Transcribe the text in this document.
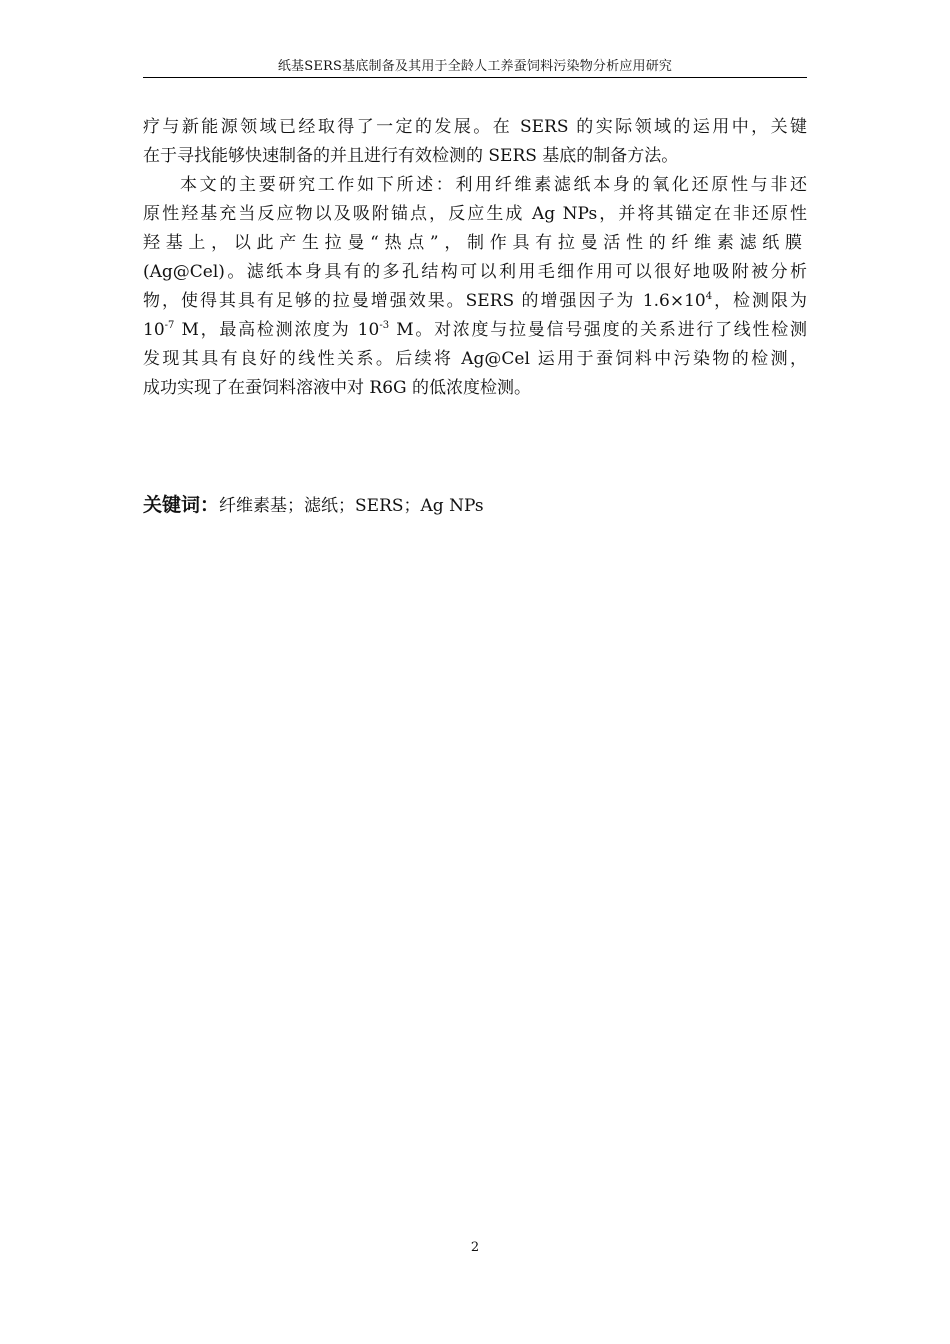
纸基SERS基底制备及其用于全龄人工养蚕饲料污染物分析应用研究
疗与新能源领域已经取得了一定的发展。在 SERS 的实际领域的运用中，关键
在于寻找能够快速制备的并且进行有效检测的 SERS 基底的制备方法。
本文的主要研究工作如下所述：利用纤维素滤纸本身的氧化还原性与非还
原性羟基充当反应物以及吸附锚点，反应生成 Ag NPs，并将其锚定在非还原性
羟基上，以此产生拉曼“热点”，制作具有拉曼活性的纤维素滤纸膜
(Ag@Cel)。滤纸本身具有的多孔结构可以利用毛细作用可以很好地吸附被分析
物，使得其具有足够的拉曼增强效果。SERS 的增强因子为 $1.6\times 10^4$，检测限为
$10^{-7}$ M，最高检测浓度为 $10^{-3}$ M。对浓度与拉曼信号强度的关系进行了线性检测
发现其具有良好的线性关系。后续将 Ag@Cel 运用于蚕饲料中污染物的检测，
成功实现了在蚕饲料溶液中对 R6G 的低浓度检测。
关键词：纤维素基；滤纸；SERS；Ag NPs
2
